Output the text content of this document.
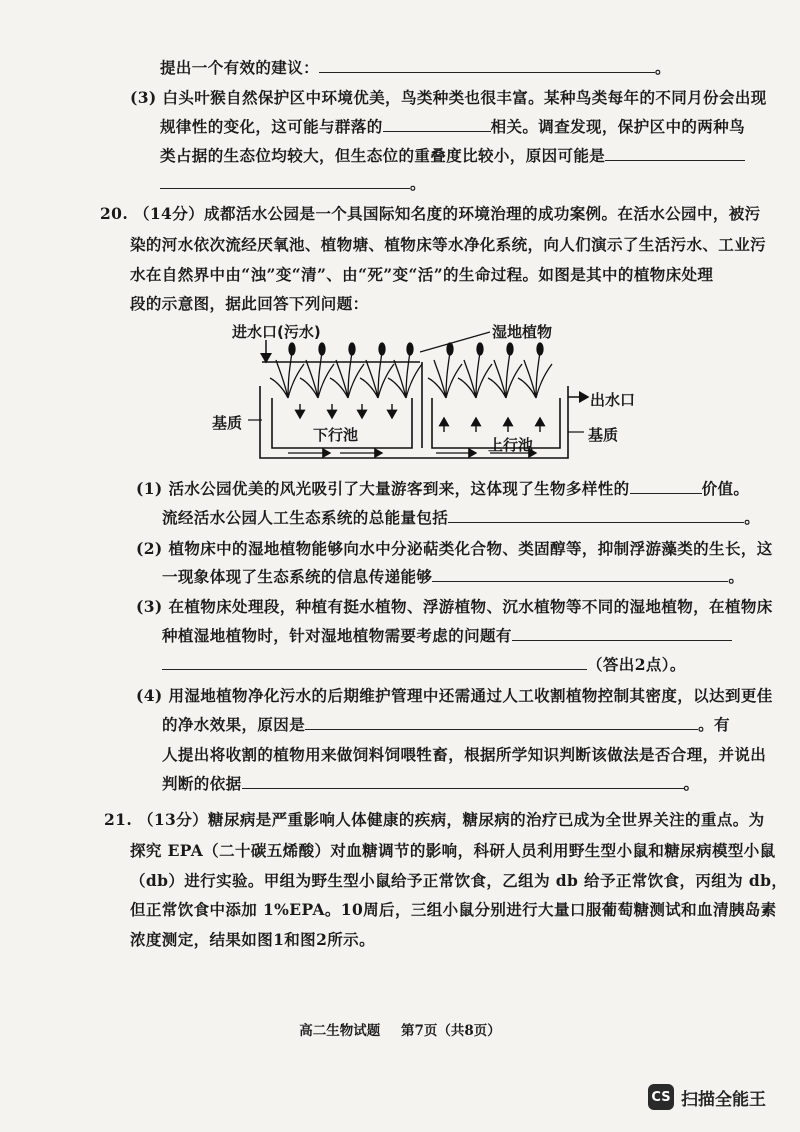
提出一个有效的建议：	。
(3) 白头叶猴自然保护区中环境优美，鸟类种类也很丰富。某种鸟类每年的不同月份会出现
规律性的变化，这可能与群落的	相关。调查发现，保护区中的两种鸟
类占据的生态位均较大，但生态位的重叠度比较小，原因可能是
。
20. （14分）成都活水公园是一个具国际知名度的环境治理的成功案例。在活水公园中，被污
染的河水依次流经厌氧池、植物塘、植物床等水净化系统，向人们演示了生活污水、工业污
水在自然界中由“浊”变“清”、由“死”变“活”的生命过程。如图是其中的植物床处理
段的示意图，据此回答下列问题：
进水口(污水)	湿地植物
出水口
基质
基质
下行池
上行池
(1) 活水公园优美的风光吸引了大量游客到来，这体现了生物多样性的	价值。
流经活水公园人工生态系统的总能量包括	。
(2) 植物床中的湿地植物能够向水中分泌萜类化合物、类固醇等，抑制浮游藻类的生长，这
一现象体现了生态系统的信息传递能够	。
(3) 在植物床处理段，种植有挺水植物、浮游植物、沉水植物等不同的湿地植物，在植物床
种植湿地植物时，针对湿地植物需要考虑的问题有
（答出2点）。
(4) 用湿地植物净化污水的后期维护管理中还需通过人工收割植物控制其密度，以达到更佳
的净水效果，原因是	。有
人提出将收割的植物用来做饲料饲喂牲畜，根据所学知识判断该做法是否合理，并说出
判断的依据	。
21. （13分）糖尿病是严重影响人体健康的疾病，糖尿病的治疗已成为全世界关注的重点。为
探究 EPA（二十碳五烯酸）对血糖调节的影响，科研人员利用野生型小鼠和糖尿病模型小鼠
（db）进行实验。甲组为野生型小鼠给予正常饮食，乙组为 db 给予正常饮食，丙组为 db，
但正常饮食中添加 1%EPA。10周后，三组小鼠分别进行大量口服葡萄糖测试和血清胰岛素
浓度测定，结果如图1和图2所示。
高二生物试题 第7页（共8页）
CS 扫描全能王
